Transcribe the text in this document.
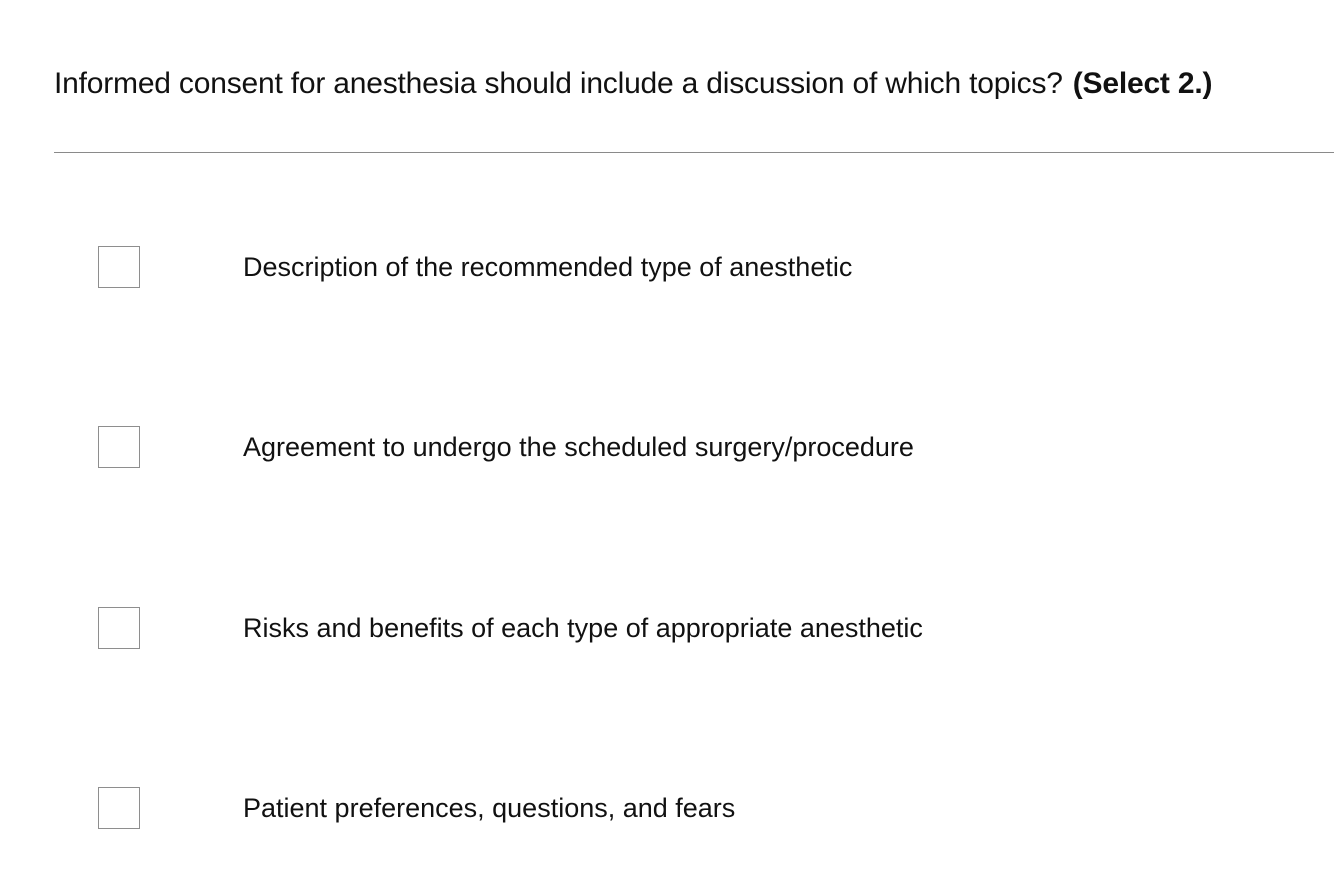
Informed consent for anesthesia should include a discussion of which topics? (Select 2.)
Description of the recommended type of anesthetic
Agreement to undergo the scheduled surgery/procedure
Risks and benefits of each type of appropriate anesthetic
Patient preferences, questions, and fears
